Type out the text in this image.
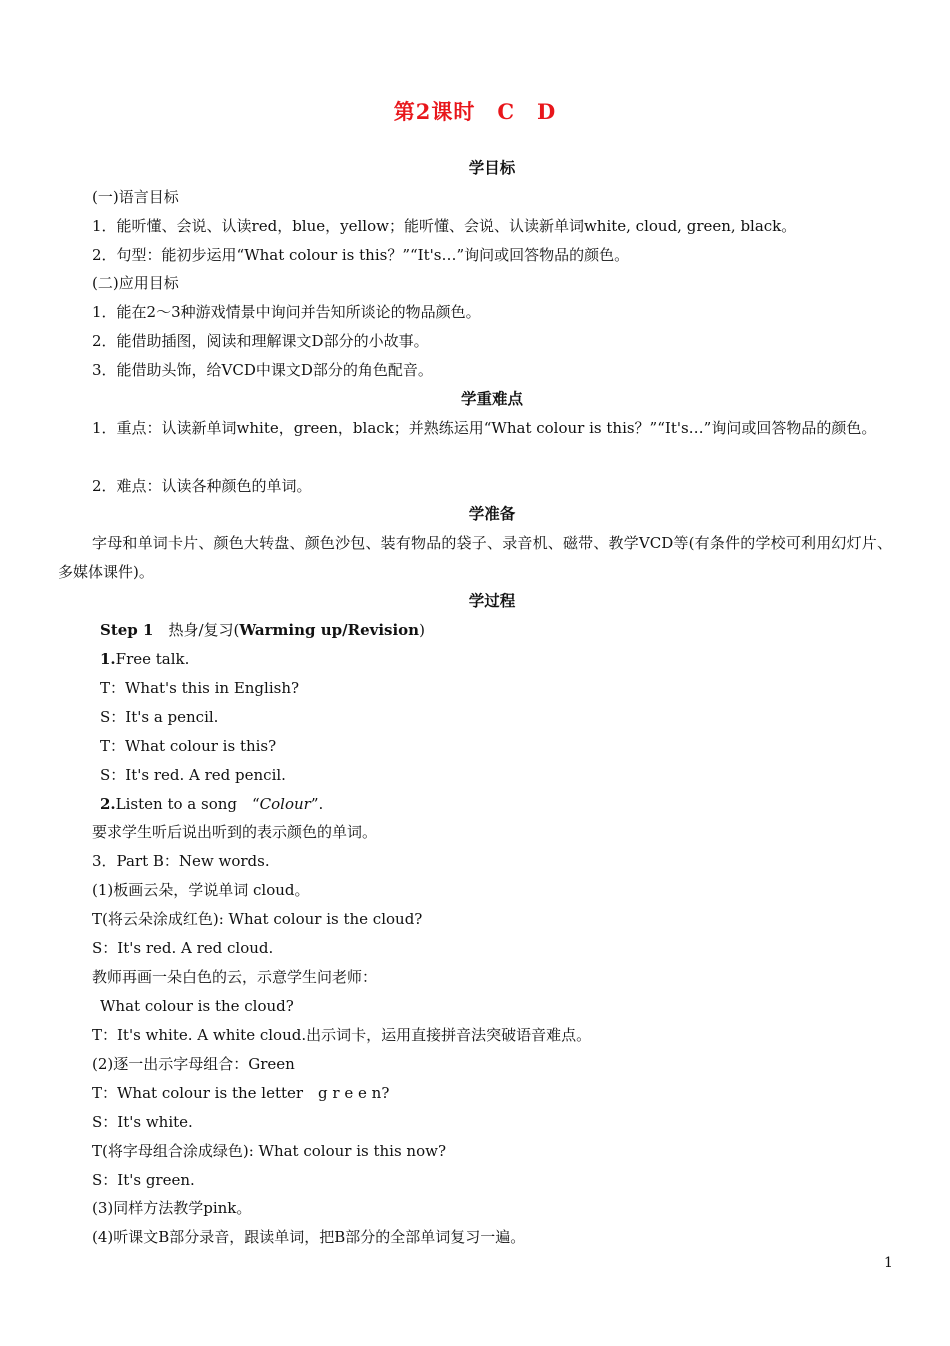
第2课时　C　D
学目标
(一)语言目标
1．能听懂、会说、认读red，blue，yellow；能听懂、会说、认读新单词white, cloud, green, black。
2．句型：能初步运用“What colour is this？”“It's…”询问或回答物品的颜色。
(二)应用目标
1．能在2～3种游戏情景中询问并告知所谈论的物品颜色。
2．能借助插图，阅读和理解课文D部分的小故事。
3．能借助头饰，给VCD中课文D部分的角色配音。
学重难点
1．重点：认读新单词white，green，black；并熟练运用“What colour is this？”“It's…”询问或回答物品的颜色。
2．难点：认读各种颜色的单词。
学准备
字母和单词卡片、颜色大转盘、颜色沙包、装有物品的袋子、录音机、磁带、教学VCD等(有条件的学校可利用幻灯片、多媒体课件)。
学过程
Step 1　 热身/复习(Warming up/Revision)
1.Free talk.
T：What's this in English?
S：It's a pencil.
T：What colour is this?
S：It's red. A red pencil.
2.Listen to a song　“Colour”.
要求学生听后说出听到的表示颜色的单词。
3．Part B：New words.
(1)板画云朵，学说单词 cloud。
T(将云朵涂成红色): What colour is the cloud?
S：It's red. A red cloud.
教师再画一朵白色的云，示意学生问老师：
What colour is the cloud?
T：It's white. A white cloud.出示词卡，运用直接拼音法突破语音难点。
(2)逐一出示字母组合：Green
T：What colour is the letter　g r e e n?
S：It's white.
T(将字母组合涂成绿色): What colour is this now?
S：It's green.
(3)同样方法教学pink。
(4)听课文B部分录音，跟读单词，把B部分的全部单词复习一遍。
1
